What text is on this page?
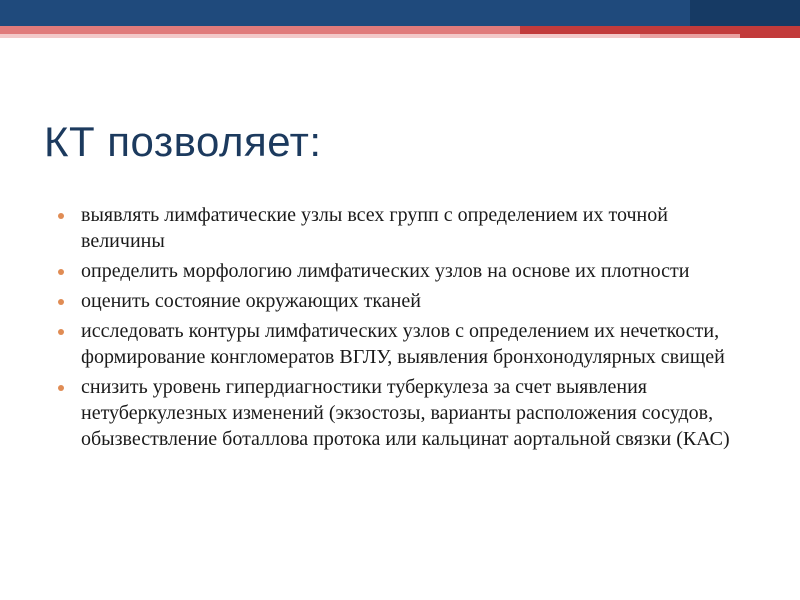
КТ позволяет:
выявлять лимфатические узлы всех групп с определением их точной величины
определить морфологию лимфатических узлов на основе их плотности
оценить состояние окружающих тканей
исследовать контуры лимфатических узлов с определением их нечеткости, формирование конгломератов ВГЛУ, выявления бронхонодулярных свищей
снизить уровень гипердиагностики туберкулеза за счет выявления нетуберкулезных изменений (экзостозы, варианты расположения сосудов, обызвествление боталлова протока или кальцинат аортальной связки (КАС)
